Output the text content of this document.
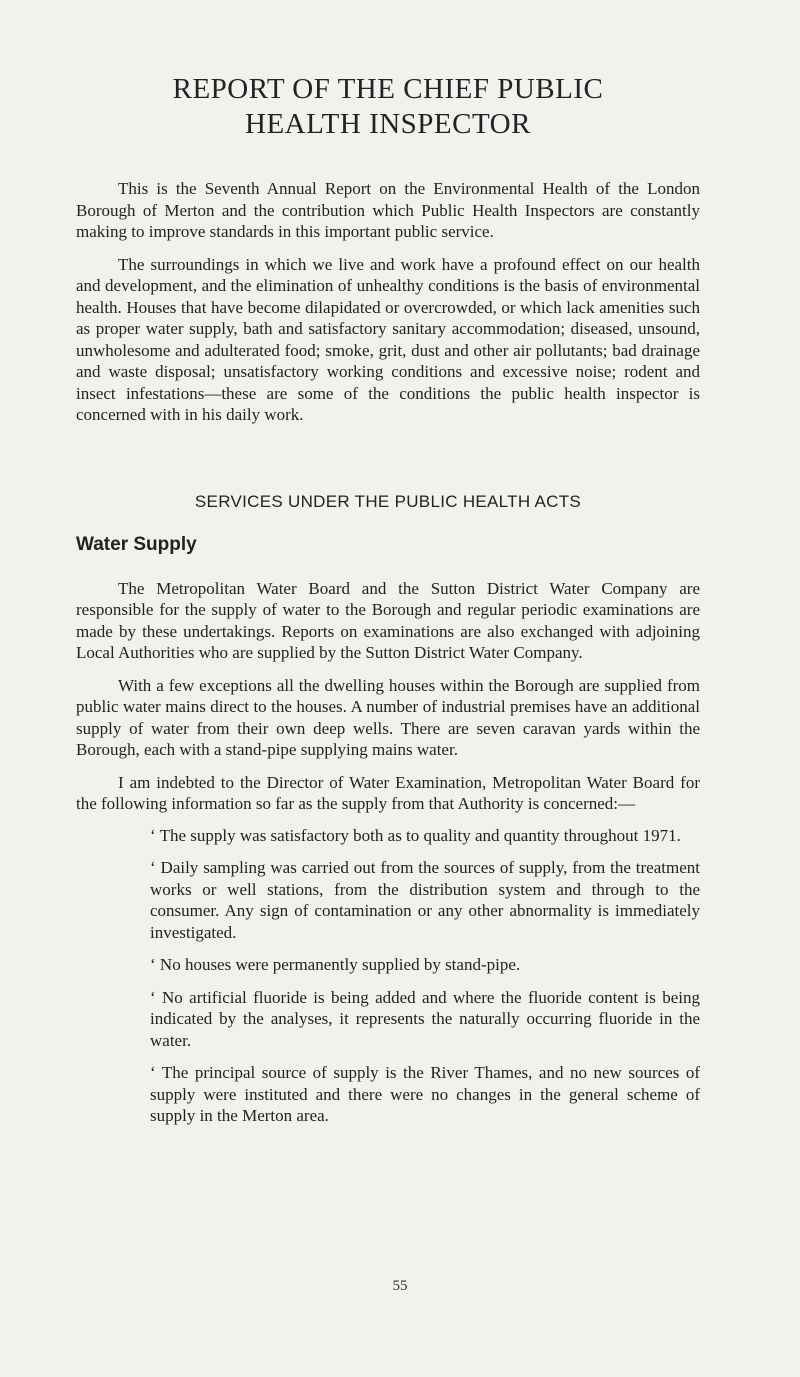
REPORT OF THE CHIEF PUBLIC
HEALTH INSPECTOR

This is the Seventh Annual Report on the Environmental Health of the London Borough of Merton and the contribution which Public Health Inspectors are constantly making to improve standards in this important public service.

The surroundings in which we live and work have a profound effect on our health and development, and the elimination of unhealthy conditions is the basis of environmental health. Houses that have become dilapidated or overcrowded, or which lack amenities such as proper water supply, bath and satisfactory sanitary accommodation; diseased, unsound, unwholesome and adulterated food; smoke, grit, dust and other air pollutants; bad drainage and waste disposal; unsatisfactory working conditions and excessive noise; rodent and insect infestations—these are some of the conditions the public health inspector is concerned with in his daily work.

SERVICES UNDER THE PUBLIC HEALTH ACTS
Water Supply

The Metropolitan Water Board and the Sutton District Water Company are responsible for the supply of water to the Borough and regular periodic examinations are made by these undertakings. Reports on examinations are also exchanged with adjoining Local Authorities who are supplied by the Sutton District Water Company.

With a few exceptions all the dwelling houses within the Borough are supplied from public water mains direct to the houses. A number of industrial premises have an additional supply of water from their own deep wells. There are seven caravan yards within the Borough, each with a stand-pipe supplying mains water.

I am indebted to the Director of Water Examination, Metropolitan Water Board for the following information so far as the supply from that Authority is concerned:—

‘ The supply was satisfactory both as to quality and quantity throughout 1971.

‘ Daily sampling was carried out from the sources of supply, from the treatment works or well stations, from the distribution system and through to the consumer. Any sign of contamination or any other abnormality is immediately investigated.

‘ No houses were permanently supplied by stand-pipe.

‘ No artificial fluoride is being added and where the fluoride content is being indicated by the analyses, it represents the naturally occurring fluoride in the water.

‘ The principal source of supply is the River Thames, and no new sources of supply were instituted and there were no changes in the general scheme of supply in the Merton area.

55
